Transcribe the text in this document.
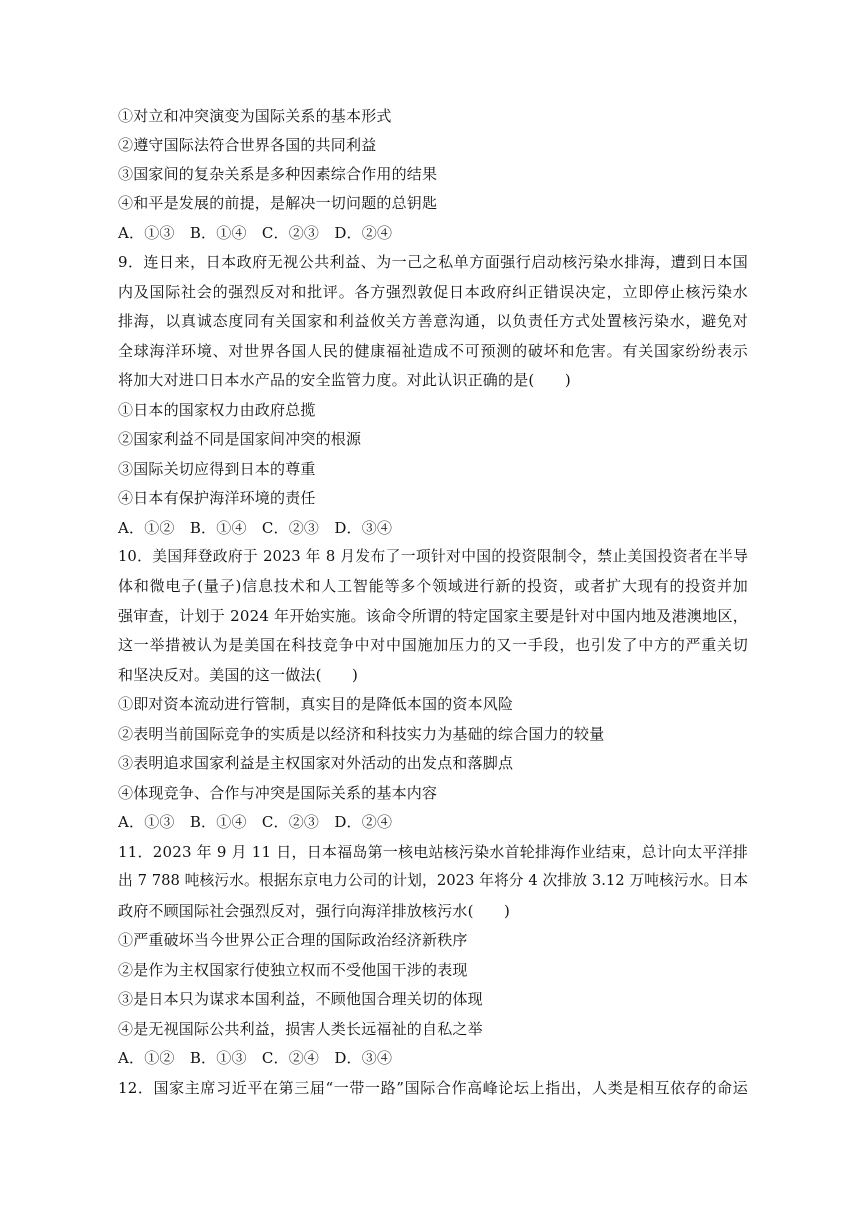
①对立和冲突演变为国际关系的基本形式
②遵守国际法符合世界各国的共同利益
③国家间的复杂关系是多种因素综合作用的结果
④和平是发展的前提，是解决一切问题的总钥匙
A．①③　B．①④　C．②③　D．②④
9．连日来，日本政府无视公共利益、为一己之私单方面强行启动核污染水排海，遭到日本国
内及国际社会的强烈反对和批评。各方强烈敦促日本政府纠正错误决定，立即停止核污染水
排海，以真诚态度同有关国家和利益攸关方善意沟通，以负责任方式处置核污染水，避免对
全球海洋环境、对世界各国人民的健康福祉造成不可预测的破坏和危害。有关国家纷纷表示
将加大对进口日本水产品的安全监管力度。对此认识正确的是(　　)
①日本的国家权力由政府总揽
②国家利益不同是国家间冲突的根源
③国际关切应得到日本的尊重
④日本有保护海洋环境的责任
A．①②　B．①④　C．②③　D．③④
10．美国拜登政府于 2023 年 8 月发布了一项针对中国的投资限制令，禁止美国投资者在半导
体和微电子(量子)信息技术和人工智能等多个领域进行新的投资，或者扩大现有的投资并加
强审查，计划于 2024 年开始实施。该命令所谓的特定国家主要是针对中国内地及港澳地区，
这一举措被认为是美国在科技竞争中对中国施加压力的又一手段，也引发了中方的严重关切
和坚决反对。美国的这一做法(　　)
①即对资本流动进行管制，真实目的是降低本国的资本风险
②表明当前国际竞争的实质是以经济和科技实力为基础的综合国力的较量
③表明追求国家利益是主权国家对外活动的出发点和落脚点
④体现竞争、合作与冲突是国际关系的基本内容
A．①③　B．①④　C．②③　D．②④
11．2023 年 9 月 11 日，日本福岛第一核电站核污染水首轮排海作业结束，总计向太平洋排
出 7 788 吨核污水。根据东京电力公司的计划，2023 年将分 4 次排放 3.12 万吨核污水。日本
政府不顾国际社会强烈反对，强行向海洋排放核污水(　　)
①严重破坏当今世界公正合理的国际政治经济新秩序
②是作为主权国家行使独立权而不受他国干涉的表现
③是日本只为谋求本国利益，不顾他国合理关切的体现
④是无视国际公共利益，损害人类长远福祉的自私之举
A．①②　B．①③　C．②④　D．③④
12．国家主席习近平在第三届“一带一路”国际合作高峰论坛上指出，人类是相互依存的命运
